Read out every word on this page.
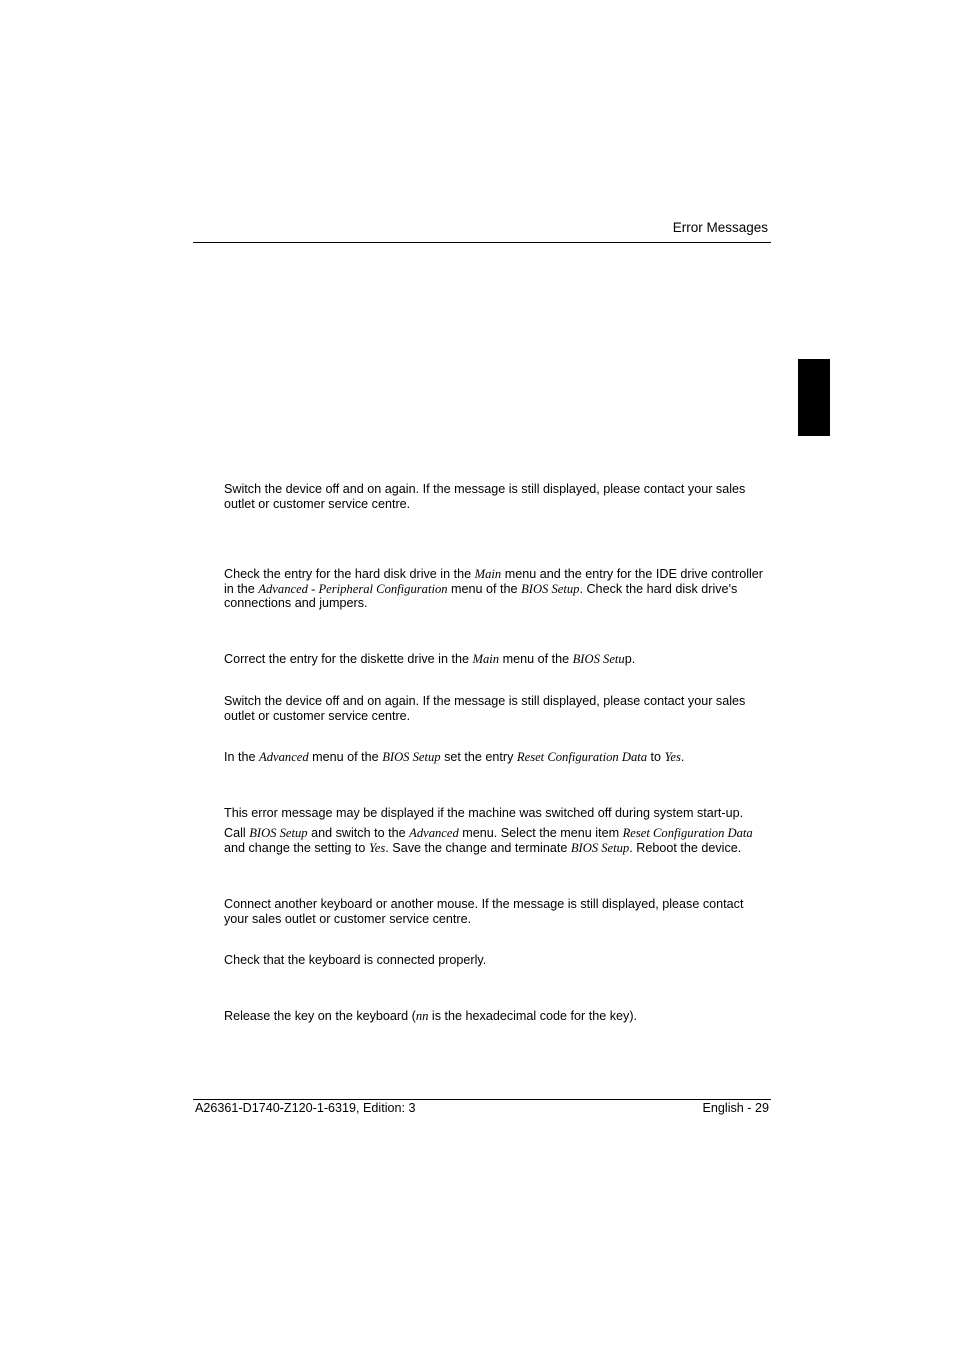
Error Messages
Switch the device off and on again. If the message is still displayed, please contact your sales outlet or customer service centre.
Check the entry for the hard disk drive in the Main menu and the entry for the IDE drive controller in the Advanced - Peripheral Configuration menu of the BIOS Setup. Check the hard disk drive's connections and jumpers.
Correct the entry for the diskette drive in the Main menu of the BIOS Setup.
Switch the device off and on again. If the message is still displayed, please contact your sales outlet or customer service centre.
In the Advanced menu of the BIOS Setup set the entry Reset Configuration Data to Yes.
This error message may be displayed if the machine was switched off during system start-up.
Call BIOS Setup and switch to the Advanced menu. Select the menu item Reset Configuration Data and change the setting to Yes. Save the change and terminate BIOS Setup. Reboot the device.
Connect another keyboard or another mouse. If the message is still displayed, please contact your sales outlet or customer service centre.
Check that the keyboard is connected properly.
Release the key on the keyboard (nn is the hexadecimal code for the key).
A26361-D1740-Z120-1-6319, Edition: 3	English - 29
